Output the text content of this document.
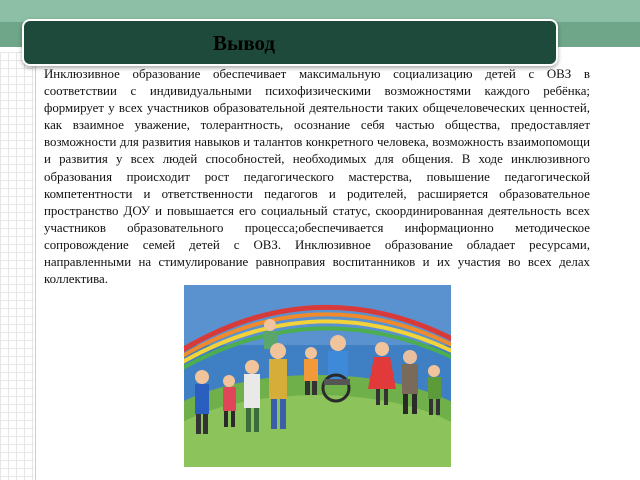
Вывод
Инклюзивное образование обеспечивает максимальную социализацию детей с ОВЗ в соответствии с индивидуальными психофизическими возможностями каждого ребёнка; формирует у всех участников образовательной деятельности таких общечеловеческих ценностей, как взаимное уважение, толерантность, осознание себя частью общества, предоставляет возможности для развития навыков и талантов конкретного человека, возможность взаимопомощи и развития у всех людей способностей, необходимых для общения. В ходе инклюзивного образования происходит рост педагогического мастерства, повышение педагогической компетентности и ответственности педагогов и родителей, расширяется образовательное пространство ДОУ и повышается его социальный статус, скоординированная деятельность всех участников образовательного процесса;обеспечивается информационно методическое сопровождение семей детей с ОВЗ. Инклюзивное образование обладает ресурсами, направленными на стимулирование равноправия воспитанников и их участия во всех делах коллектива.
